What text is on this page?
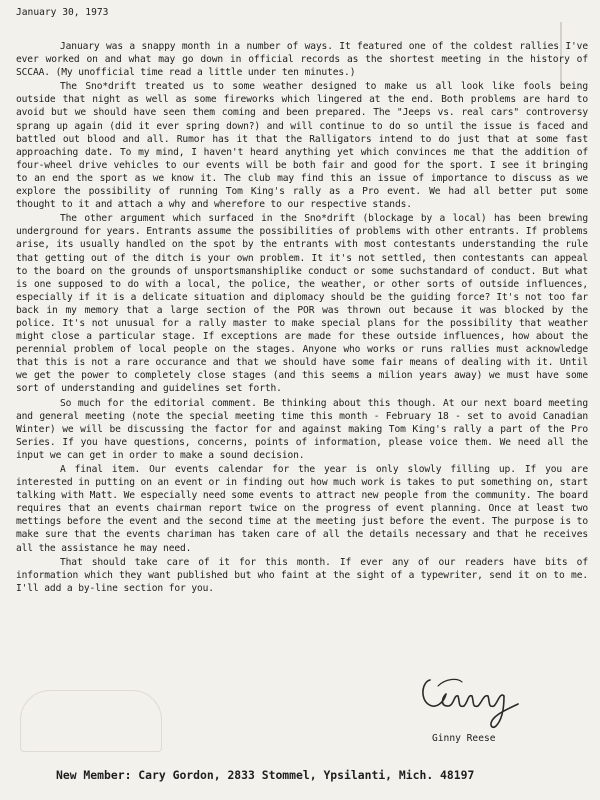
January 30, 1973

January was a snappy month in a number of ways. It featured one of the coldest rallies I've ever worked on and what may go down in official records as the shortest meeting in the history of SCCAA. (My unofficial time read a little under ten minutes.)

The Sno*drift treated us to some weather designed to make us all look like fools being outside that night as well as some fireworks which lingered at the end. Both problems are hard to avoid but we should have seen them coming and been prepared. The "Jeeps vs. real cars" controversy sprang up again (did it ever spring down?) and will continue to do so until the issue is faced and battled out blood and all. Rumor has it that the Ralligators intend to do just that at some fast approaching date. To my mind, I haven't heard anything yet which convinces me that the addition of four-wheel drive vehicles to our events will be both fair and good for the sport. I see it bringing to an end the sport as we know it. The club may find this an issue of importance to discuss as we explore the possibility of running Tom King's rally as a Pro event. We had all better put some thought to it and attach a why and wherefore to our respective stands.

The other argument which surfaced in the Sno*drift (blockage by a local) has been brewing underground for years. Entrants assume the possibilities of problems with other entrants. If problems arise, its usually handled on the spot by the entrants with most contestants understanding the rule that getting out of the ditch is your own problem. It it's not settled, then contestants can appeal to the board on the grounds of unsportsmanshiplike conduct or some suchstandard of conduct. But what is one supposed to do with a local, the police, the weather, or other sorts of outside influences, especially if it is a delicate situation and diplomacy should be the guiding force? It's not too far back in my memory that a large section of the POR was thrown out because it was blocked by the police. It's not unusual for a rally master to make special plans for the possibility that weather might close a particular stage. If exceptions are made for these outside influences, how about the perennial problem of local people on the stages. Anyone who works or runs rallies must acknowledge that this is not a rare occurance and that we should have some fair means of dealing with it. Until we get the power to completely close stages (and this seems a milion years away) we must have some sort of understanding and guidelines set forth.

So much for the editorial comment. Be thinking about this though. At our next board meeting and general meeting (note the special meeting time this month - February 18 - set to avoid Canadian Winter) we will be discussing the factor for and against making Tom King's rally a part of the Pro Series. If you have questions, concerns, points of information, please voice them. We need all the input we can get in order to make a sound decision.

A final item. Our events calendar for the year is only slowly filling up. If you are interested in putting on an event or in finding out how much work is takes to put something on, start talking with Matt. We especially need some events to attract new people from the community. The board requires that an events chairman report twice on the progress of event planning. Once at least two mettings before the event and the second time at the meeting just before the event. The purpose is to make sure that the events chariman has taken care of all the details necessary and that he receives all the assistance he may need.

That should take care of it for this month. If ever any of our readers have bits of information which they want published but who faint at the sight of a typewriter, send it on to me. I'll add a by-line section for you.

Ginny Reese
New Member: Cary Gordon, 2833 Stommel, Ypsilanti, Mich. 48197
